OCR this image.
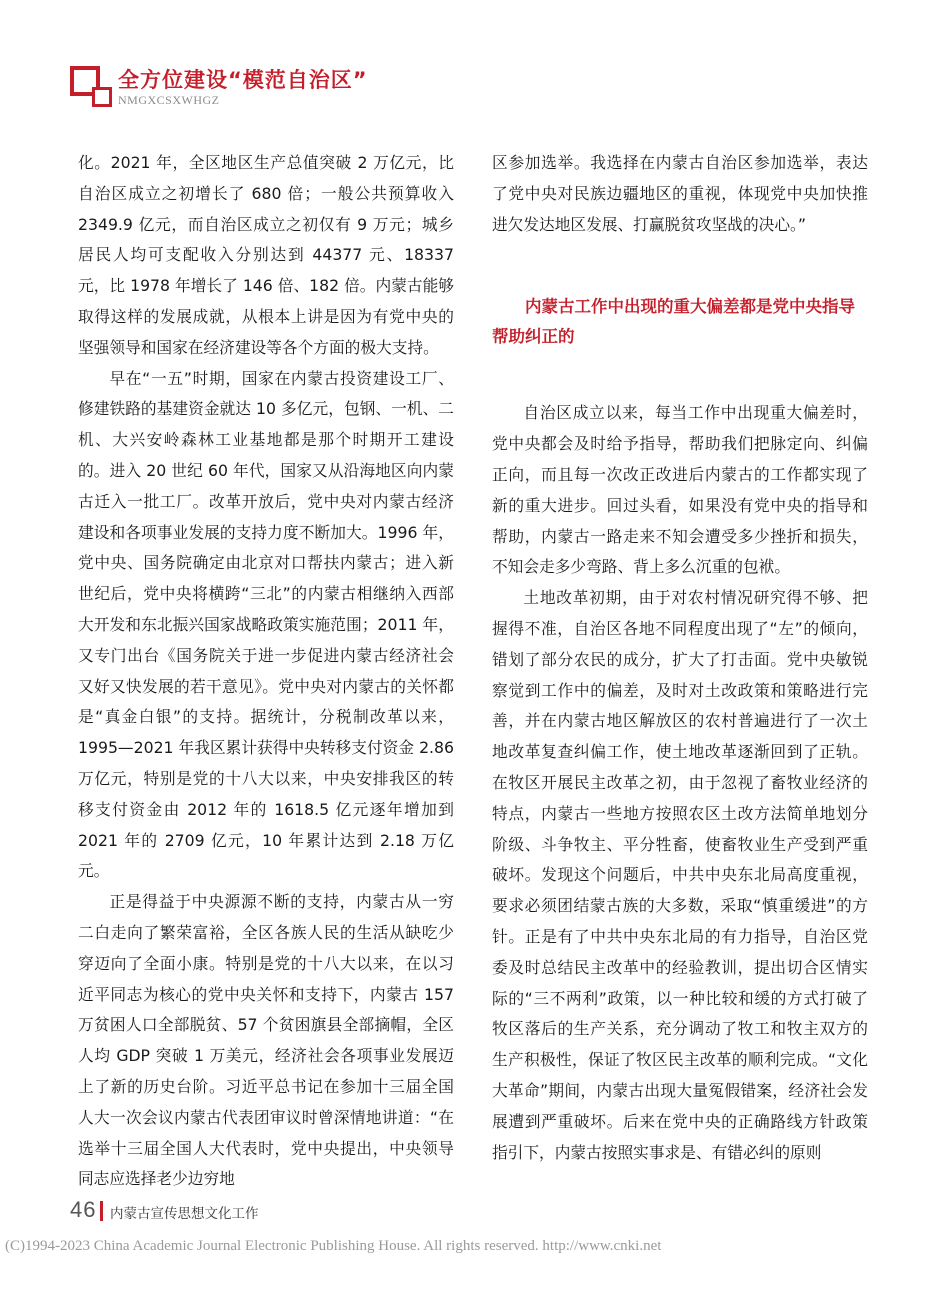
全方位建设“模范自治区”
NMGXCSXWHGZ

化。2021 年，全区地区生产总值突破 2 万亿元，比自治区成立之初增长了 680 倍；一般公共预算收入 2349.9 亿元，而自治区成立之初仅有 9 万元；城乡居民人均可支配收入分别达到 44377 元、18337 元，比 1978 年增长了 146 倍、182 倍。内蒙古能够取得这样的发展成就，从根本上讲是因为有党中央的坚强领导和国家在经济建设等各个方面的极大支持。

早在“一五”时期，国家在内蒙古投资建设工厂、修建铁路的基建资金就达 10 多亿元，包钢、一机、二机、大兴安岭森林工业基地都是那个时期开工建设的。进入 20 世纪 60 年代，国家又从沿海地区向内蒙古迁入一批工厂。改革开放后，党中央对内蒙古经济建设和各项事业发展的支持力度不断加大。1996 年，党中央、国务院确定由北京对口帮扶内蒙古；进入新世纪后，党中央将横跨“三北”的内蒙古相继纳入西部大开发和东北振兴国家战略政策实施范围；2011 年，又专门出台《国务院关于进一步促进内蒙古经济社会又好又快发展的若干意见》。党中央对内蒙古的关怀都是“真金白银”的支持。据统计，分税制改革以来，1995—2021 年我区累计获得中央转移支付资金 2.86 万亿元，特别是党的十八大以来，中央安排我区的转移支付资金由 2012 年的 1618.5 亿元逐年增加到 2021 年的 2709 亿元，10 年累计达到 2.18 万亿元。

正是得益于中央源源不断的支持，内蒙古从一穷二白走向了繁荣富裕，全区各族人民的生活从缺吃少穿迈向了全面小康。特别是党的十八大以来，在以习近平同志为核心的党中央关怀和支持下，内蒙古 157 万贫困人口全部脱贫、57 个贫困旗县全部摘帽，全区人均 GDP 突破 1 万美元，经济社会各项事业发展迈上了新的历史台阶。习近平总书记在参加十三届全国人大一次会议内蒙古代表团审议时曾深情地讲道：“在选举十三届全国人大代表时，党中央提出，中央领导同志应选择老少边穷地

区参加选举。我选择在内蒙古自治区参加选举，表达了党中央对民族边疆地区的重视，体现党中央加快推进欠发达地区发展、打赢脱贫攻坚战的决心。”

内蒙古工作中出现的重大偏差都是党中央指导帮助纠正的

自治区成立以来，每当工作中出现重大偏差时，党中央都会及时给予指导，帮助我们把脉定向、纠偏正向，而且每一次改正改进后内蒙古的工作都实现了新的重大进步。回过头看，如果没有党中央的指导和帮助，内蒙古一路走来不知会遭受多少挫折和损失，不知会走多少弯路、背上多么沉重的包袱。

土地改革初期，由于对农村情况研究得不够、把握得不准，自治区各地不同程度出现了“左”的倾向，错划了部分农民的成分，扩大了打击面。党中央敏锐察觉到工作中的偏差，及时对土改政策和策略进行完善，并在内蒙古地区解放区的农村普遍进行了一次土地改革复查纠偏工作，使土地改革逐渐回到了正轨。在牧区开展民主改革之初，由于忽视了畜牧业经济的特点，内蒙古一些地方按照农区土改方法简单地划分阶级、斗争牧主、平分牲畜，使畜牧业生产受到严重破坏。发现这个问题后，中共中央东北局高度重视，要求必须团结蒙古族的大多数，采取“慎重缓进”的方针。正是有了中共中央东北局的有力指导，自治区党委及时总结民主改革中的经验教训，提出切合区情实际的“三不两利”政策，以一种比较和缓的方式打破了牧区落后的生产关系，充分调动了牧工和牧主双方的生产积极性，保证了牧区民主改革的顺利完成。“文化大革命”期间，内蒙古出现大量冤假错案，经济社会发展遭到严重破坏。后来在党中央的正确路线方针政策指引下，内蒙古按照实事求是、有错必纠的原则

46 内蒙古宣传思想文化工作
(C)1994-2023 China Academic Journal Electronic Publishing House. All rights reserved. http://www.cnki.net
